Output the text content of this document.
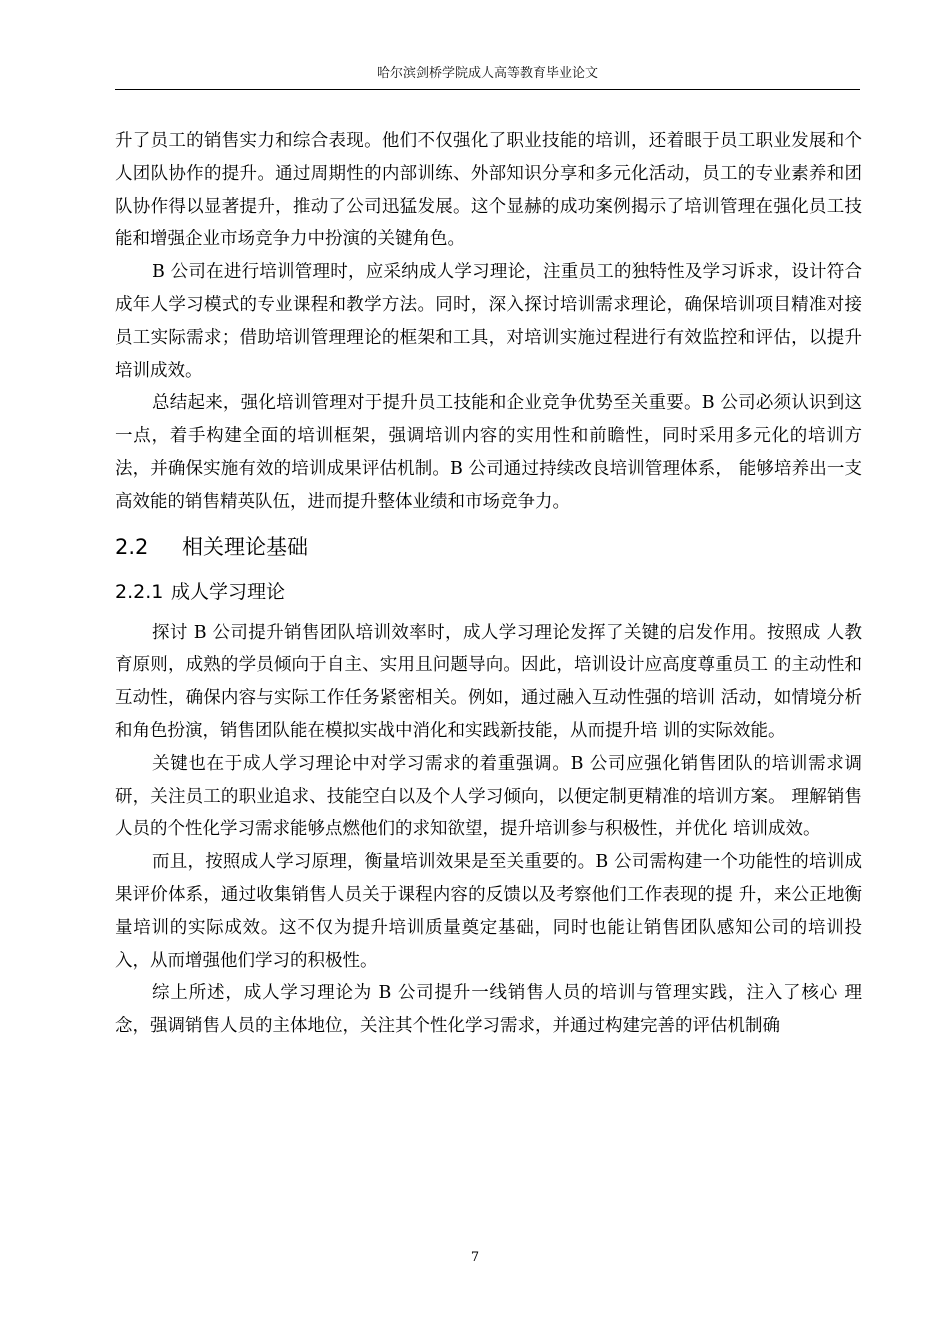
哈尔滨剑桥学院成人高等教育毕业论文

升了员工的销售实力和综合表现。他们不仅强化了职业技能的培训，还着眼于员工职业发展和个人团队协作的提升。通过周期性的内部训练、外部知识分享和多元化活动，员工的专业素养和团队协作得以显著提升，推动了公司迅猛发展。这个显赫的成功案例揭示了培训管理在强化员工技能和增强企业市场竞争力中扮演的关键角色。

B 公司在进行培训管理时，应采纳成人学习理论，注重员工的独特性及学习诉求，设计符合成年人学习模式的专业课程和教学方法。同时，深入探讨培训需求理论，确保培训项目精准对接员工实际需求；借助培训管理理论的框架和工具，对培训实施过程进行有效监控和评估，以提升培训成效。

总结起来，强化培训管理对于提升员工技能和企业竞争优势至关重要。B 公司必须认识到这一点，着手构建全面的培训框架，强调培训内容的实用性和前瞻性，同时采用多元化的培训方法，并确保实施有效的培训成果评估机制。B 公司通过持续改良培训管理体系， 能够培养出一支高效能的销售精英队伍，进而提升整体业绩和市场竞争力。

2.2 相关理论基础
2.2.1 成人学习理论

探讨 B 公司提升销售团队培训效率时，成人学习理论发挥了关键的启发作用。按照成 人教育原则，成熟的学员倾向于自主、实用且问题导向。因此，培训设计应高度尊重员工 的主动性和互动性，确保内容与实际工作任务紧密相关。例如，通过融入互动性强的培训 活动，如情境分析和角色扮演，销售团队能在模拟实战中消化和实践新技能，从而提升培 训的实际效能。

关键也在于成人学习理论中对学习需求的着重强调。B 公司应强化销售团队的培训需求调研，关注员工的职业追求、技能空白以及个人学习倾向，以便定制更精准的培训方案。 理解销售人员的个性化学习需求能够点燃他们的求知欲望，提升培训参与积极性，并优化 培训成效。

而且，按照成人学习原理，衡量培训效果是至关重要的。B 公司需构建一个功能性的培训成果评价体系，通过收集销售人员关于课程内容的反馈以及考察他们工作表现的提 升，来公正地衡量培训的实际成效。这不仅为提升培训质量奠定基础，同时也能让销售团队感知公司的培训投入，从而增强他们学习的积极性。

综上所述，成人学习理论为 B 公司提升一线销售人员的培训与管理实践，注入了核心 理念，强调销售人员的主体地位，关注其个性化学习需求，并通过构建完善的评估机制确

7
